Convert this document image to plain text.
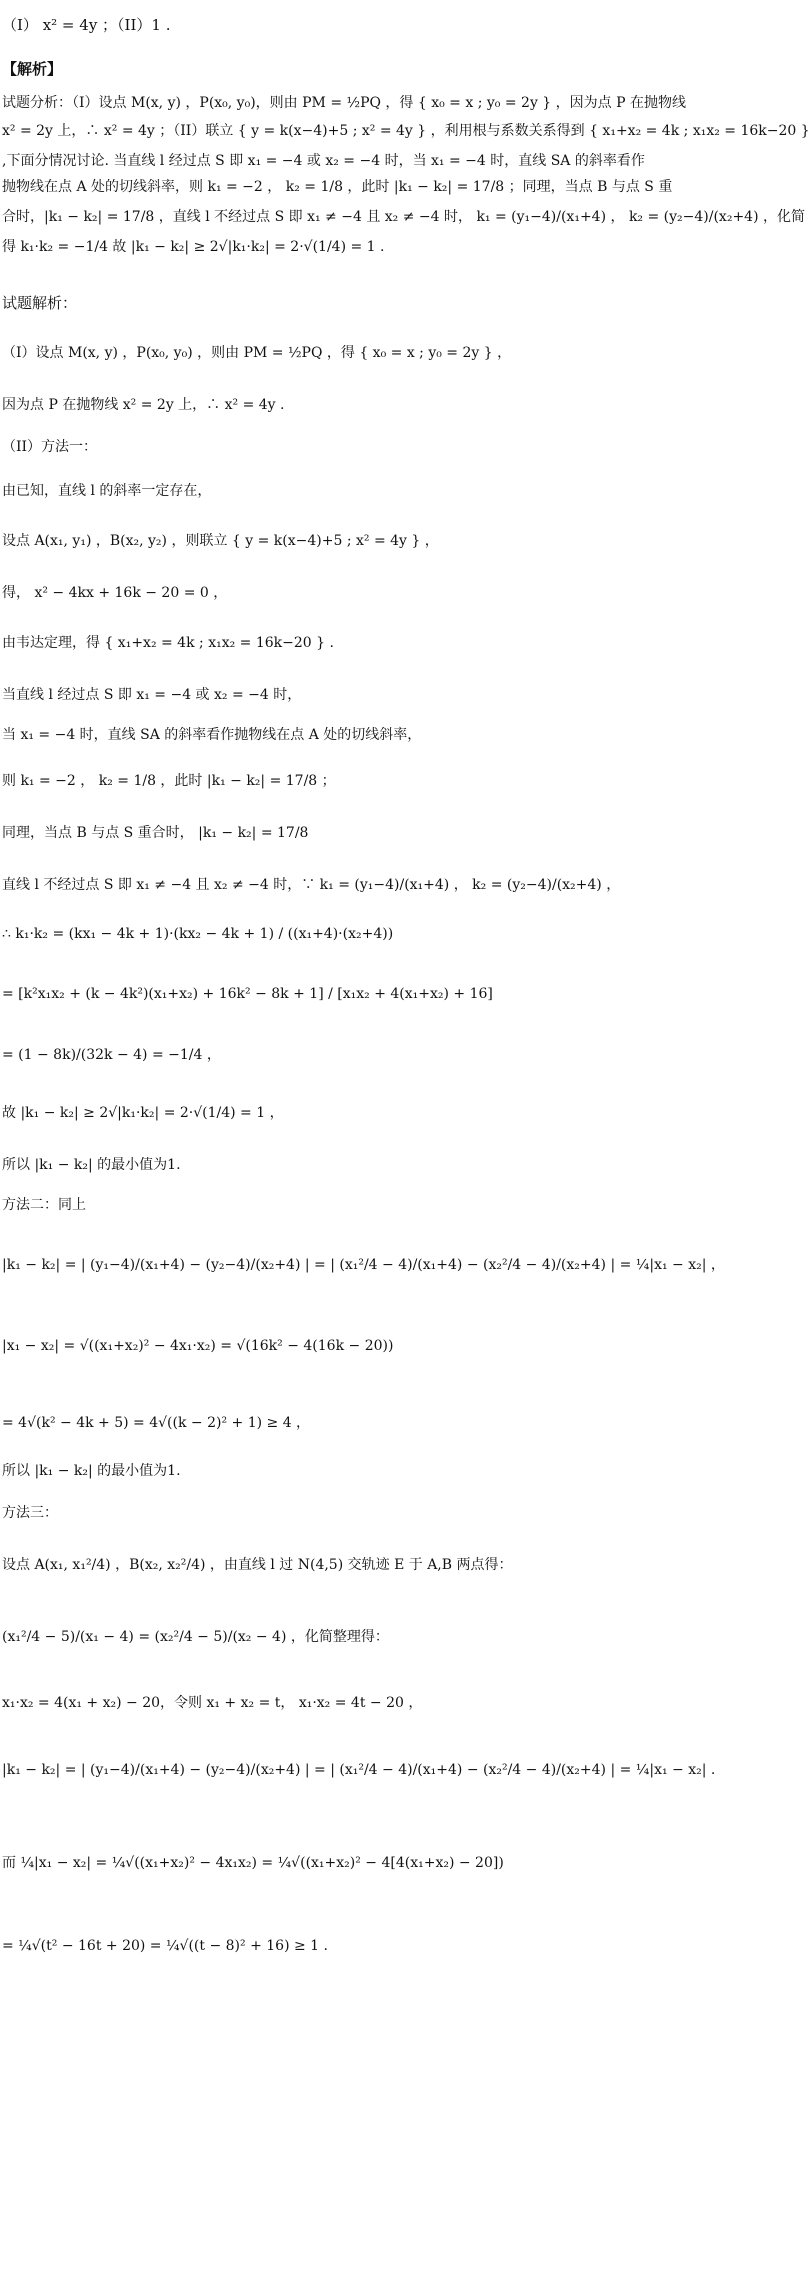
（I） x² = 4y ；（II）1 .
【解析】
试题分析：（I）设点 M(x, y) ，P(x₀, y₀)，则由 PM = ½PQ ，得 { x₀ = x ; y₀ = 2y } ，因为点 P 在抛物线
x² = 2y 上，∴ x² = 4y ；（II）联立 { y = k(x−4)+5 ; x² = 4y } ，利用根与系数关系得到 { x₁+x₂ = 4k ; x₁x₂ = 16k−20 }
,下面分情况讨论. 当直线 l 经过点 S 即 x₁ = −4 或 x₂ = −4 时，当 x₁ = −4 时，直线 SA 的斜率看作
抛物线在点 A 处的切线斜率，则 k₁ = −2 ， k₂ = 1/8 ，此时 |k₁ − k₂| = 17/8 ；同理，当点 B 与点 S 重
合时，|k₁ − k₂| = 17/8 ，直线 l 不经过点 S 即 x₁ ≠ −4 且 x₂ ≠ −4 时， k₁ = (y₁−4)/(x₁+4) ， k₂ = (y₂−4)/(x₂+4) ，化简
得 k₁·k₂ = −1/4 故 |k₁ − k₂| ≥ 2√|k₁·k₂| = 2·√(1/4) = 1 .
试题解析：
（I）设点 M(x, y) ，P(x₀, y₀) ，则由 PM = ½PQ ，得 { x₀ = x ; y₀ = 2y } ，
因为点 P 在抛物线 x² = 2y 上，∴ x² = 4y .
（II）方法一：
由已知，直线 l 的斜率一定存在，
设点 A(x₁, y₁) ，B(x₂, y₂) ，则联立 { y = k(x−4)+5 ; x² = 4y } ，
得， x² − 4kx + 16k − 20 = 0 ，
由韦达定理，得 { x₁+x₂ = 4k ; x₁x₂ = 16k−20 } .
当直线 l 经过点 S 即 x₁ = −4 或 x₂ = −4 时，
当 x₁ = −4 时，直线 SA 的斜率看作抛物线在点 A 处的切线斜率，
则 k₁ = −2 ， k₂ = 1/8 ，此时 |k₁ − k₂| = 17/8 ；
同理，当点 B 与点 S 重合时， |k₁ − k₂| = 17/8
直线 l 不经过点 S 即 x₁ ≠ −4 且 x₂ ≠ −4 时，∵ k₁ = (y₁−4)/(x₁+4) ， k₂ = (y₂−4)/(x₂+4) ，
∴ k₁·k₂ = (kx₁ − 4k + 1)·(kx₂ − 4k + 1) / ((x₁+4)·(x₂+4))
= [k²x₁x₂ + (k − 4k²)(x₁+x₂) + 16k² − 8k + 1] / [x₁x₂ + 4(x₁+x₂) + 16]
= (1 − 8k)/(32k − 4) = −1/4 ，
故 |k₁ − k₂| ≥ 2√|k₁·k₂| = 2·√(1/4) = 1 ，
所以 |k₁ − k₂| 的最小值为1.
方法二：同上
|k₁ − k₂| = | (y₁−4)/(x₁+4) − (y₂−4)/(x₂+4) | = | (x₁²/4 − 4)/(x₁+4) − (x₂²/4 − 4)/(x₂+4) | = ¼|x₁ − x₂| ，
|x₁ − x₂| = √((x₁+x₂)² − 4x₁·x₂) = √(16k² − 4(16k − 20))
= 4√(k² − 4k + 5) = 4√((k − 2)² + 1) ≥ 4 ，
所以 |k₁ − k₂| 的最小值为1.
方法三：
设点 A(x₁, x₁²/4) ，B(x₂, x₂²/4) ，由直线 l 过 N(4,5) 交轨迹 E 于 A,B 两点得：
(x₁²/4 − 5)/(x₁ − 4) = (x₂²/4 − 5)/(x₂ − 4) ，化简整理得：
x₁·x₂ = 4(x₁ + x₂) − 20，令则 x₁ + x₂ = t， x₁·x₂ = 4t − 20 ，
|k₁ − k₂| = | (y₁−4)/(x₁+4) − (y₂−4)/(x₂+4) | = | (x₁²/4 − 4)/(x₁+4) − (x₂²/4 − 4)/(x₂+4) | = ¼|x₁ − x₂| .
而 ¼|x₁ − x₂| = ¼√((x₁+x₂)² − 4x₁x₂) = ¼√((x₁+x₂)² − 4[4(x₁+x₂) − 20])
= ¼√(t² − 16t + 20) = ¼√((t − 8)² + 16) ≥ 1 .
